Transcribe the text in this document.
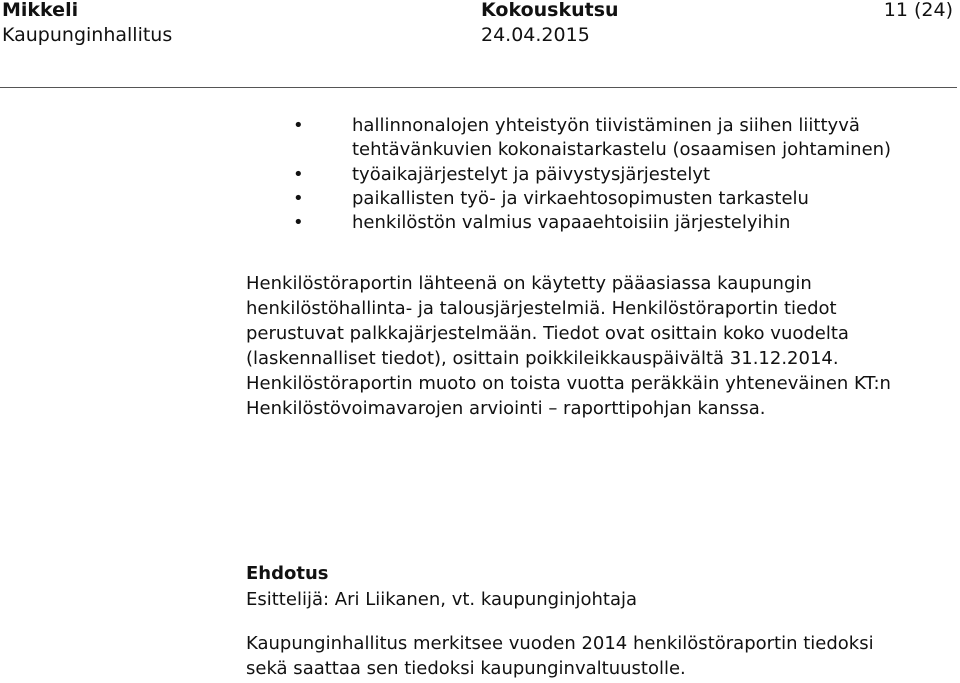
Mikkeli
Kaupunginhallitus
Kokouskutsu
24.04.2015
11 (24)
•	hallinnonalojen yhteistyön tiivistäminen ja siihen liittyvä tehtävänkuvien kokonaistarkastelu (osaamisen johtaminen)
•	työaikajärjestelyt ja päivystysjärjestelyt
•	paikallisten työ- ja virkaehtosopimusten tarkastelu
•	henkilöstön valmius vapaaehtoisiin järjestelyihin
Henkilöstöraportin lähteenä on käytetty pääasiassa kaupungin henkilöstöhallinta- ja talousjärjestelmiä. Henkilöstöraportin tiedot perustuvat palkkajärjestelmään. Tiedot ovat osittain koko vuodelta (laskennalliset tiedot), osittain poikkileikkauspäivältä 31.12.2014. Henkilöstöraportin muoto on toista vuotta peräkkäin yhteneväinen KT:n Henkilöstövoimavarojen arviointi – raporttipohjan kanssa.
Ehdotus
Esittelijä: Ari Liikanen, vt. kaupunginjohtaja
Kaupunginhallitus merkitsee vuoden 2014 henkilöstöraportin tiedoksi sekä saattaa sen tiedoksi kaupunginvaltuustolle.
